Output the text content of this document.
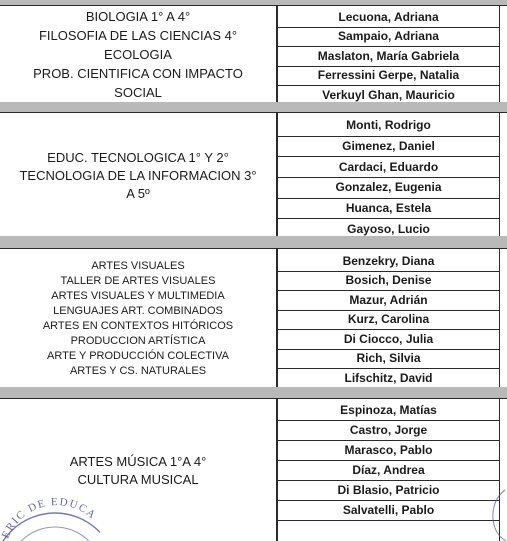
BIOLOGIA 1° A 4°
FILOSOFIA DE LAS CIENCIAS 4°
ECOLOGIA
PROB. CIENTIFICA CON IMPACTO
SOCIAL
Lecuona, Adriana
Sampaio, Adriana
Maslaton, María Gabriela
Ferressini Gerpe, Natalia
Verkuyl Ghan, Mauricio
EDUC. TECNOLOGICA 1° Y 2°
TECNOLOGIA DE LA INFORMACION 3°
A 5º
Monti, Rodrigo
Gimenez, Daniel
Cardaci, Eduardo
Gonzalez, Eugenia
Huanca, Estela
Gayoso, Lucio
ARTES VISUALES
TALLER DE ARTES VISUALES
ARTES VISUALES Y MULTIMEDIA
LENGUAJES ART. COMBINADOS
ARTES EN CONTEXTOS HITÓRICOS
PRODUCCION ARTÍSTICA
ARTE Y PRODUCCIÓN COLECTIVA
ARTES Y CS. NATURALES
Benzekry, Diana
Bosich, Denise
Mazur, Adrián
Kurz, Carolina
Di Ciocco, Julia
Rich, Silvia
Lifschitz, David
ARTES MÚSICA 1°A 4°
CULTURA MUSICAL
Espinoza, Matías
Castro, Jorge
Marasco, Pablo
Díaz, Andrea
Di Blasio, Patricio
Salvatelli, Pablo
ERIC DE EDUCA
